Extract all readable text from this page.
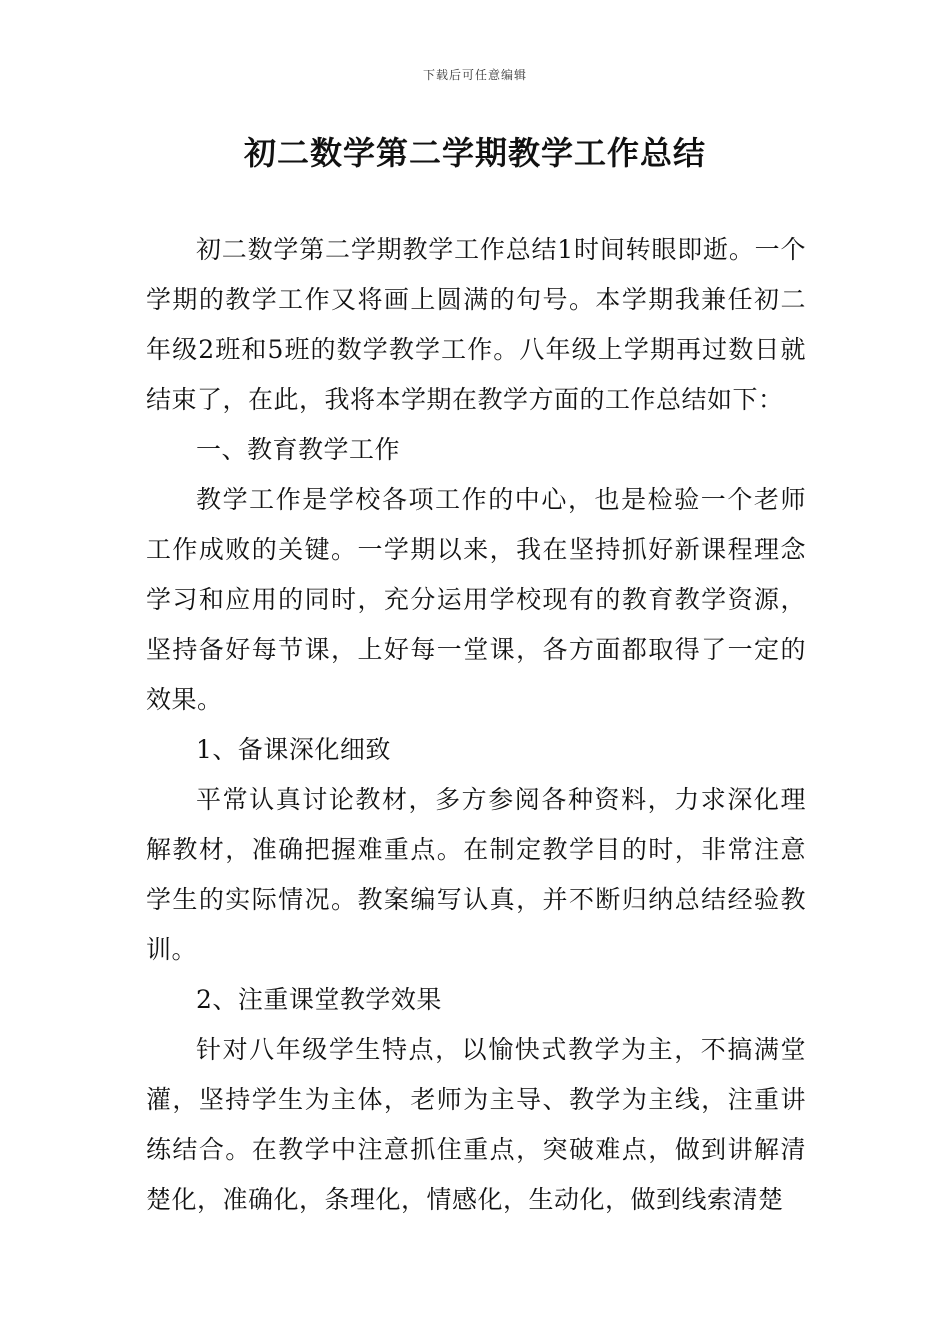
下载后可任意编辑
初二数学第二学期教学工作总结

初二数学第二学期教学工作总结1时间转眼即逝。一个学期的教学工作又将画上圆满的句号。本学期我兼任初二年级2班和5班的数学教学工作。八年级上学期再过数日就结束了，在此，我将本学期在教学方面的工作总结如下：

一、教育教学工作

教学工作是学校各项工作的中心，也是检验一个老师工作成败的关键。一学期以来，我在坚持抓好新课程理念学习和应用的同时，充分运用学校现有的教育教学资源，坚持备好每节课，上好每一堂课，各方面都取得了一定的效果。

1、备课深化细致

平常认真讨论教材，多方参阅各种资料，力求深化理解教材，准确把握难重点。在制定教学目的时，非常注意学生的实际情况。教案编写认真，并不断归纳总结经验教训。

2、注重课堂教学效果

针对八年级学生特点，以愉快式教学为主，不搞满堂灌，坚持学生为主体，老师为主导、教学为主线，注重讲练结合。在教学中注意抓住重点，突破难点，做到讲解清楚化，准确化，条理化，情感化，生动化，做到线索清楚
